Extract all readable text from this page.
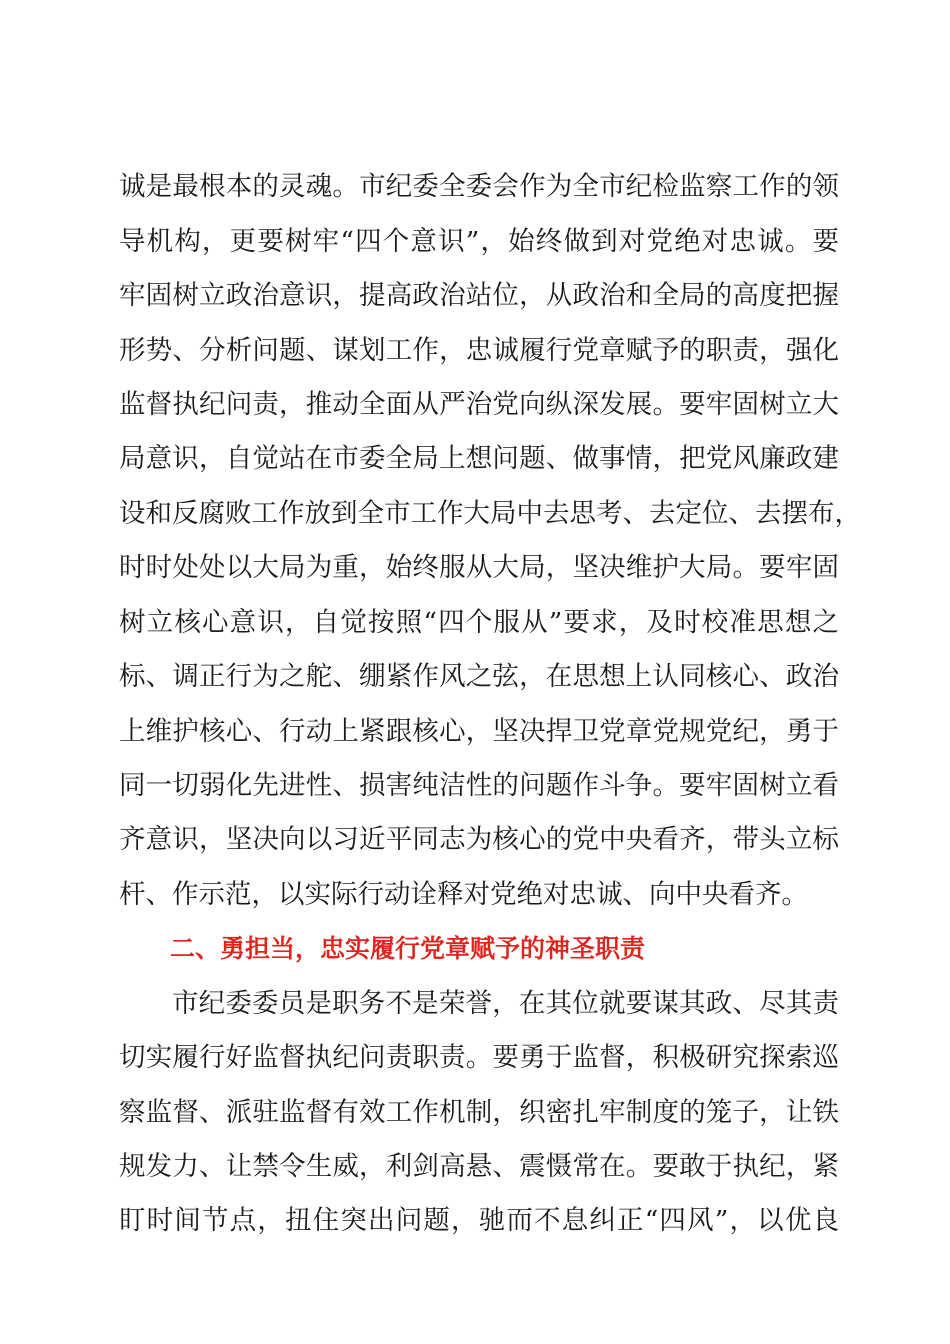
诚是最根本的灵魂。市纪委全委会作为全市纪检监察工作的领
导机构，更要树牢“四个意识”，始终做到对党绝对忠诚。要
牢固树立政治意识，提高政治站位，从政治和全局的高度把握
形势、分析问题、谋划工作，忠诚履行党章赋予的职责，强化
监督执纪问责，推动全面从严治党向纵深发展。要牢固树立大
局意识，自觉站在市委全局上想问题、做事情，把党风廉政建
设和反腐败工作放到全市工作大局中去思考、去定位、去摆布，
时时处处以大局为重，始终服从大局，坚决维护大局。要牢固
树立核心意识，自觉按照“四个服从”要求，及时校准思想之
标、调正行为之舵、绷紧作风之弦，在思想上认同核心、政治
上维护核心、行动上紧跟核心，坚决捍卫党章党规党纪，勇于
同一切弱化先进性、损害纯洁性的问题作斗争。要牢固树立看
齐意识，坚决向以习近平同志为核心的党中央看齐，带头立标
杆、作示范，以实际行动诠释对党绝对忠诚、向中央看齐。
二、勇担当，忠实履行党章赋予的神圣职责
市纪委委员是职务不是荣誉，在其位就要谋其政、尽其责
切实履行好监督执纪问责职责。要勇于监督，积极研究探索巡
察监督、派驻监督有效工作机制，织密扎牢制度的笼子，让铁
规发力、让禁令生威，利剑高悬、震慑常在。要敢于执纪，紧
盯时间节点，扭住突出问题，驰而不息纠正“四风”，以优良
